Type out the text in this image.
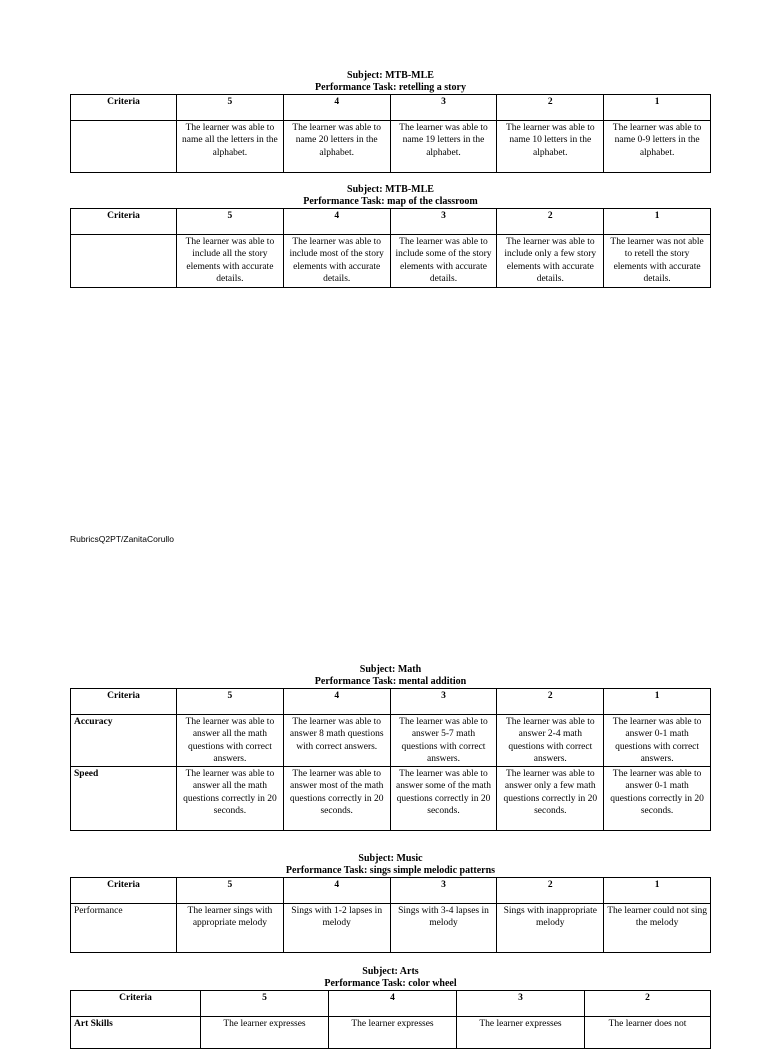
Subject: MTB-MLE
Performance Task: retelling a story
Criteria	5	4	3	2	1
	The learner was able to name all the letters in the alphabet.	The learner was able to name 20 letters in the alphabet.	The learner was able to name 19 letters in the alphabet.	The learner was able to name 10 letters in the alphabet.	The learner was able to name 0-9 letters in the alphabet.
Subject: MTB-MLE
Performance Task: map of the classroom
Criteria	5	4	3	2	1
	The learner was able to include all the story elements with accurate details.	The learner was able to include most of the story elements with accurate details.	The learner was able to include some of the story elements with accurate details.	The learner was able to include only a few story elements with accurate details.	The learner was not able to retell the story elements with accurate details.
RubricsQ2PT/ZanitaCorullo
Subject: Math
Performance Task: mental addition
Criteria	5	4	3	2	1
Accuracy	The learner was able to answer all the math questions with correct answers.	The learner was able to answer 8 math questions with correct answers.	The learner was able to answer 5-7 math questions with correct answers.	The learner was able to answer 2-4 math questions with correct answers.	The learner was able to answer 0-1 math questions with correct answers.
Speed	The learner was able to answer all the math questions correctly in 20 seconds.	The learner was able to answer most of the math questions correctly in 20 seconds.	The learner was able to answer some of the math questions correctly in 20 seconds.	The learner was able to answer only a few math questions correctly in 20 seconds.	The learner was able to answer 0-1 math questions correctly in 20 seconds.
Subject: Music
Performance Task: sings simple melodic patterns
Criteria	5	4	3	2	1
Performance	The learner sings with appropriate melody	Sings with 1-2 lapses in melody	Sings with 3-4 lapses in melody	Sings with inappropriate melody	The learner could not sing the melody
Subject: Arts
Performance Task: color wheel
Criteria	5	4	3	2
Art Skills	The learner expresses	The learner expresses	The learner expresses	The learner does not
